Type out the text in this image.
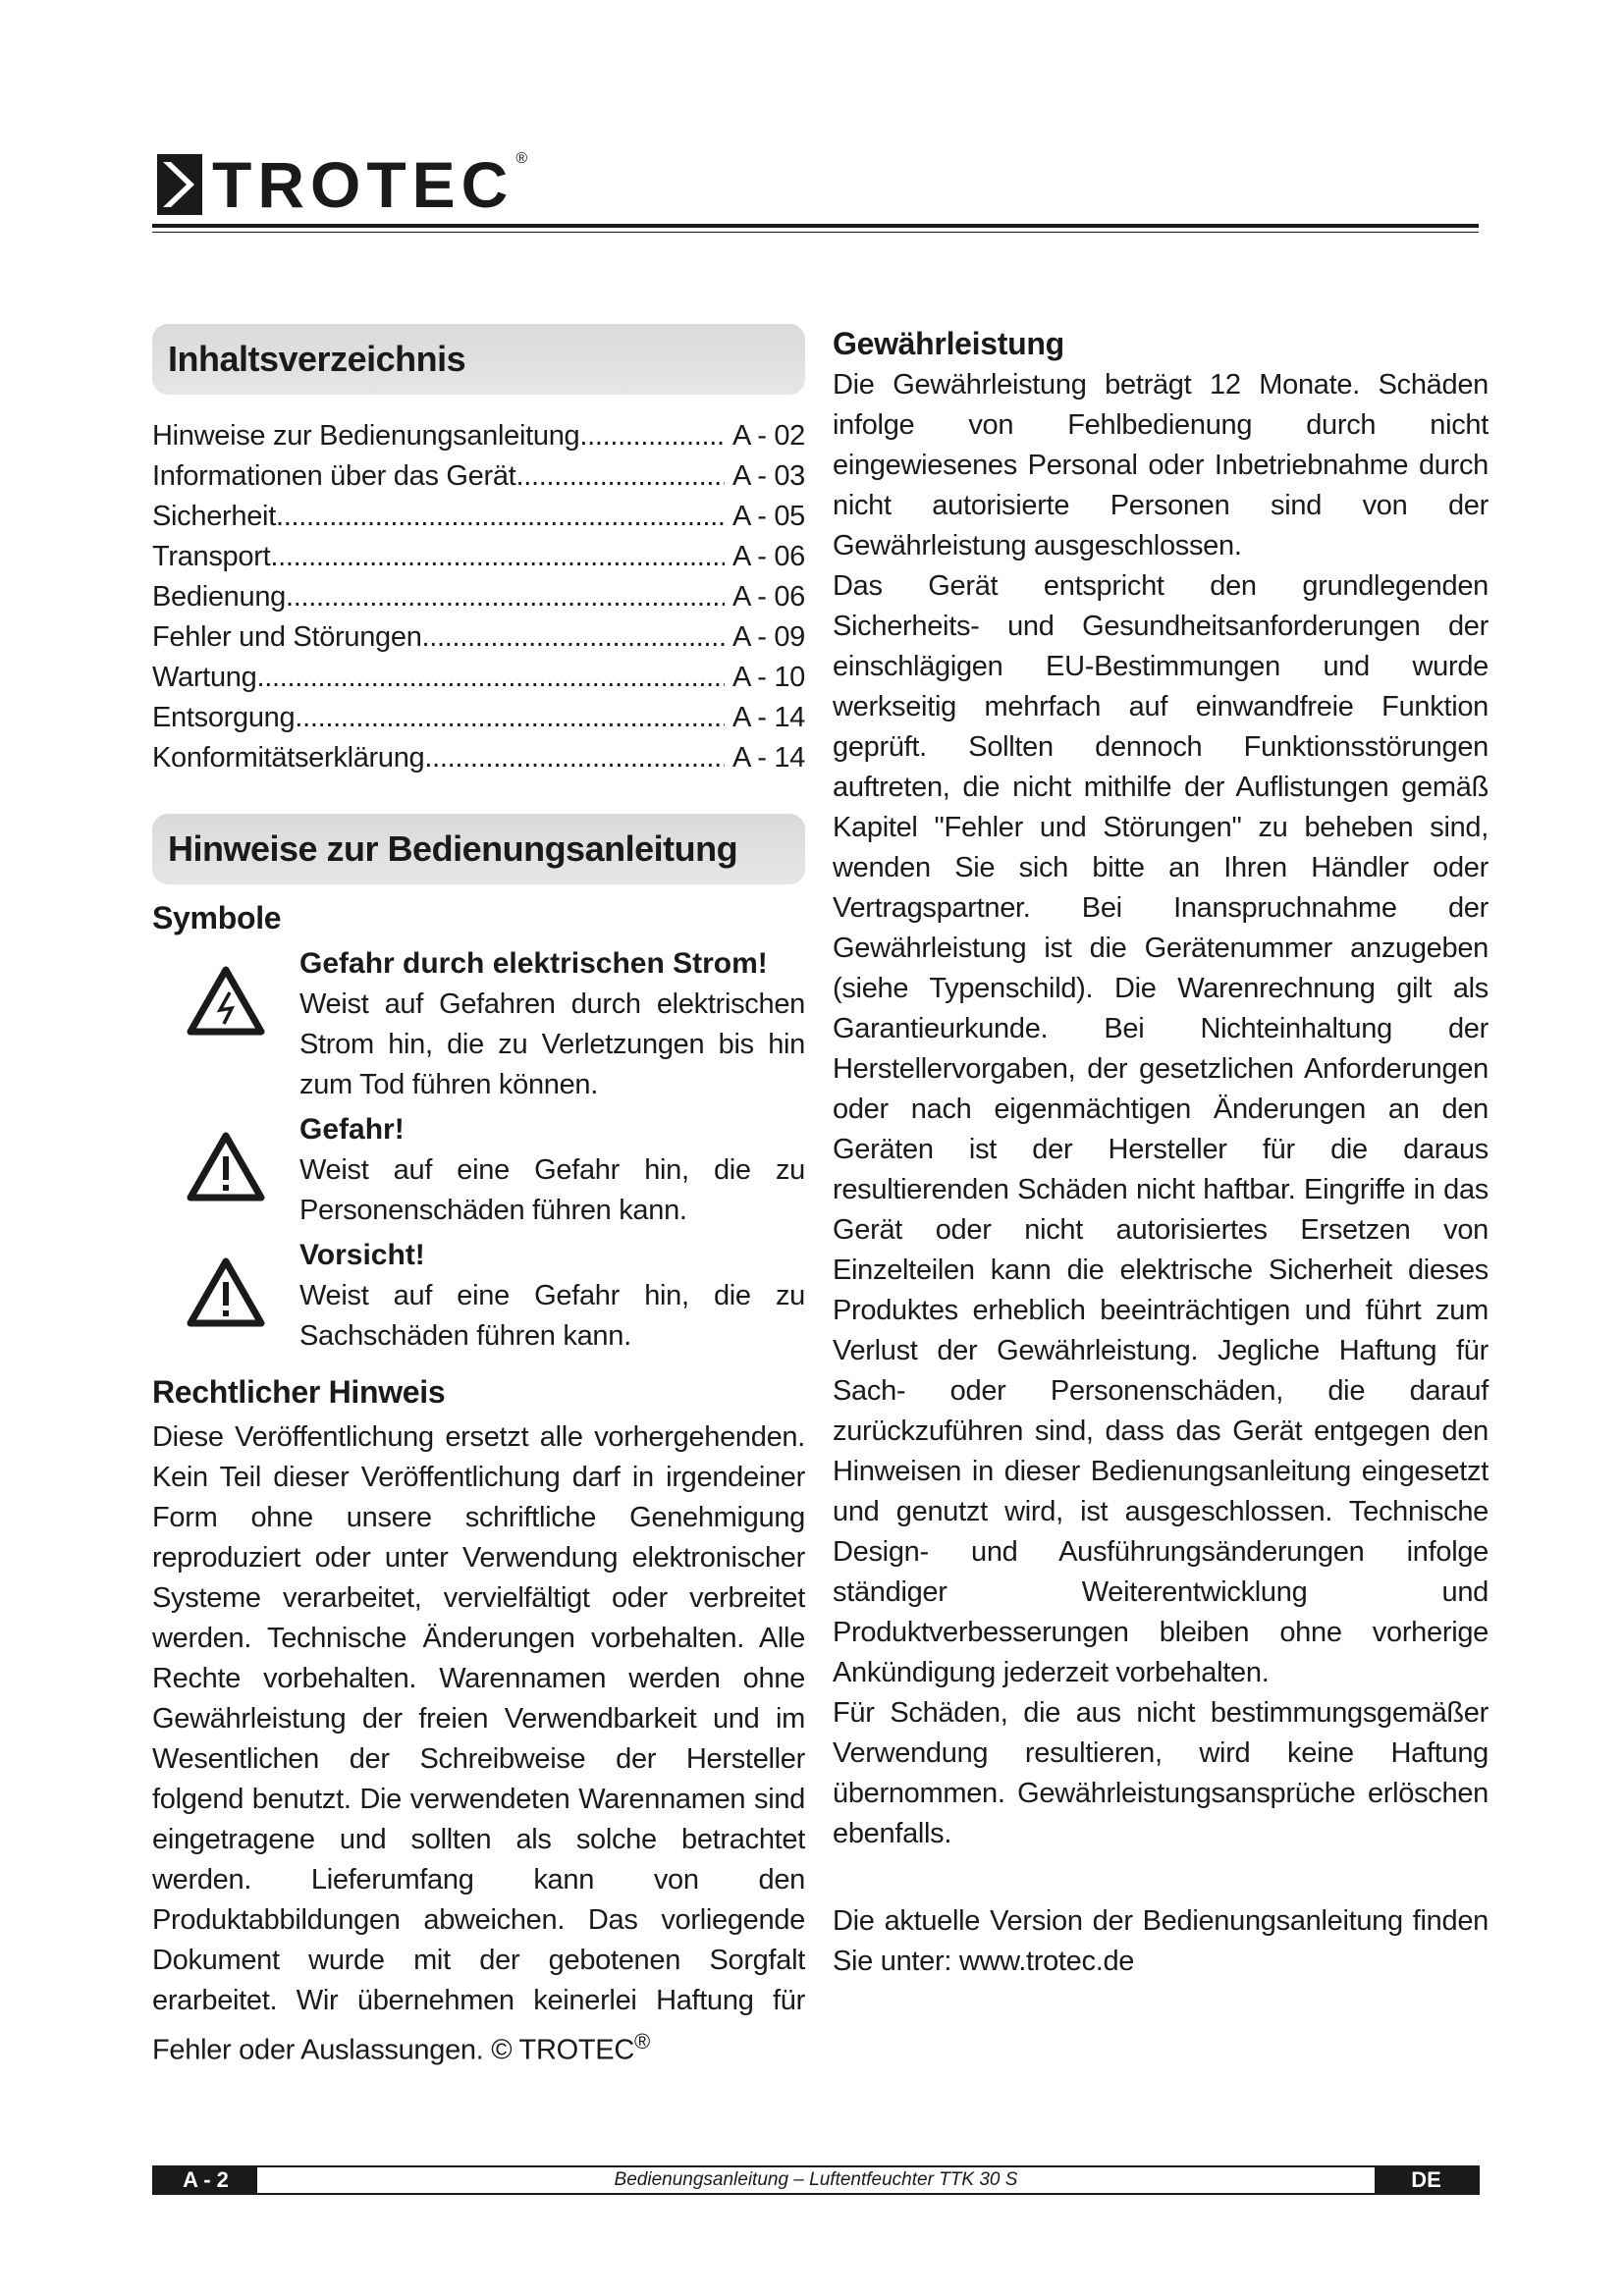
TROTEC ®
Inhaltsverzeichnis
Hinweise zur Bedienungsanleitung .....	A - 02
Informationen über das Gerät .....	A - 03
Sicherheit .....	A - 05
Transport .....	A - 06
Bedienung .....	A - 06
Fehler und Störungen .....	A - 09
Wartung .....	A - 10
Entsorgung .....	A - 14
Konformitätserklärung .....	A - 14
Hinweise zur Bedienungsanleitung
Symbole
Gefahr durch elektrischen Strom!
Weist auf Gefahren durch elektrischen Strom hin, die zu Verletzungen bis hin zum Tod führen können.
Gefahr!
Weist auf eine Gefahr hin, die zu Personenschäden führen kann.
Vorsicht!
Weist auf eine Gefahr hin, die zu Sachschäden führen kann.
Rechtlicher Hinweis
Diese Veröffentlichung ersetzt alle vorhergehenden. Kein Teil dieser Veröffentlichung darf in irgendeiner Form ohne unsere schriftliche Genehmigung reproduziert oder unter Verwendung elektronischer Systeme verarbeitet, vervielfältigt oder verbreitet werden. Technische Änderungen vorbehalten. Alle Rechte vorbehalten. Warennamen werden ohne Gewährleistung der freien Verwendbarkeit und im Wesentlichen der Schreibweise der Hersteller folgend benutzt. Die verwendeten Warennamen sind eingetragene und sollten als solche betrachtet werden. Lieferumfang kann von den Produktabbildungen abweichen. Das vorliegende Dokument wurde mit der gebotenen Sorgfalt erarbeitet. Wir übernehmen keinerlei Haftung für Fehler oder Auslassungen. © TROTEC®
Gewährleistung

Die Gewährleistung beträgt 12 Monate. Schäden infolge von Fehlbedienung durch nicht eingewiesenes Personal oder Inbetriebnahme durch nicht autorisierte Personen sind von der Gewährleistung ausgeschlossen.

Das Gerät entspricht den grundlegenden Sicherheits- und Gesundheitsanforderungen der einschlägigen EU-Bestimmungen und wurde werkseitig mehrfach auf einwandfreie Funktion geprüft. Sollten dennoch Funktionsstörungen auftreten, die nicht mithilfe der Auflistungen gemäß Kapitel "Fehler und Störungen" zu beheben sind, wenden Sie sich bitte an Ihren Händler oder Vertragspartner. Bei Inanspruchnahme der Gewährleistung ist die Gerätenummer anzugeben (siehe Typenschild). Die Warenrechnung gilt als Garantieurkunde. Bei Nichteinhaltung der Herstellervorgaben, der gesetzlichen Anforderungen oder nach eigenmächtigen Änderungen an den Geräten ist der Hersteller für die daraus resultierenden Schäden nicht haftbar. Eingriffe in das Gerät oder nicht autorisiertes Ersetzen von Einzelteilen kann die elektrische Sicherheit dieses Produktes erheblich beeinträchtigen und führt zum Verlust der Gewährleistung. Jegliche Haftung für Sach- oder Personenschäden, die darauf zurückzuführen sind, dass das Gerät entgegen den Hinweisen in dieser Bedienungsanleitung eingesetzt und genutzt wird, ist ausgeschlossen. Technische Design- und Ausführungsänderungen infolge ständiger Weiterentwicklung und Produktverbesserungen bleiben ohne vorherige Ankündigung jederzeit vorbehalten.

Für Schäden, die aus nicht bestimmungsgemäßer Verwendung resultieren, wird keine Haftung übernommen. Gewährleistungsansprüche erlöschen ebenfalls.

Die aktuelle Version der Bedienungsanleitung finden Sie unter: www.trotec.de

A - 2	Bedienungsanleitung – Luftentfeuchter TTK 30 S	DE
